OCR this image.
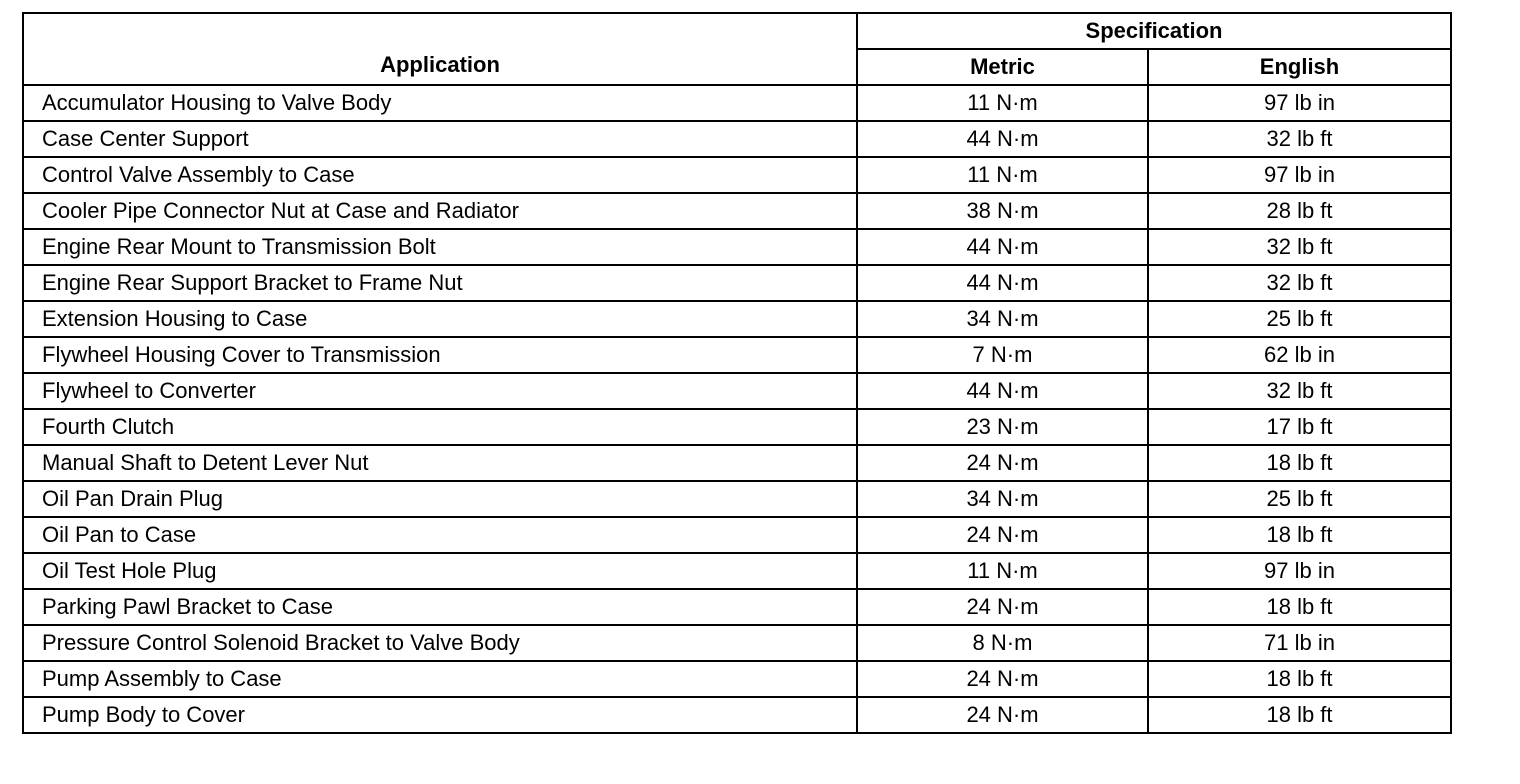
Application	Specification	
	Metric	English
Accumulator Housing to Valve Body	11 N·m	97 lb in
Case Center Support	44 N·m	32 lb ft
Control Valve Assembly to Case	11 N·m	97 lb in
Cooler Pipe Connector Nut at Case and Radiator	38 N·m	28 lb ft
Engine Rear Mount to Transmission Bolt	44 N·m	32 lb ft
Engine Rear Support Bracket to Frame Nut	44 N·m	32 lb ft
Extension Housing to Case	34 N·m	25 lb ft
Flywheel Housing Cover to Transmission	7 N·m	62 lb in
Flywheel to Converter	44 N·m	32 lb ft
Fourth Clutch	23 N·m	17 lb ft
Manual Shaft to Detent Lever Nut	24 N·m	18 lb ft
Oil Pan Drain Plug	34 N·m	25 lb ft
Oil Pan to Case	24 N·m	18 lb ft
Oil Test Hole Plug	11 N·m	97 lb in
Parking Pawl Bracket to Case	24 N·m	18 lb ft
Pressure Control Solenoid Bracket to Valve Body	8 N·m	71 lb in
Pump Assembly to Case	24 N·m	18 lb ft
Pump Body to Cover	24 N·m	18 lb ft
